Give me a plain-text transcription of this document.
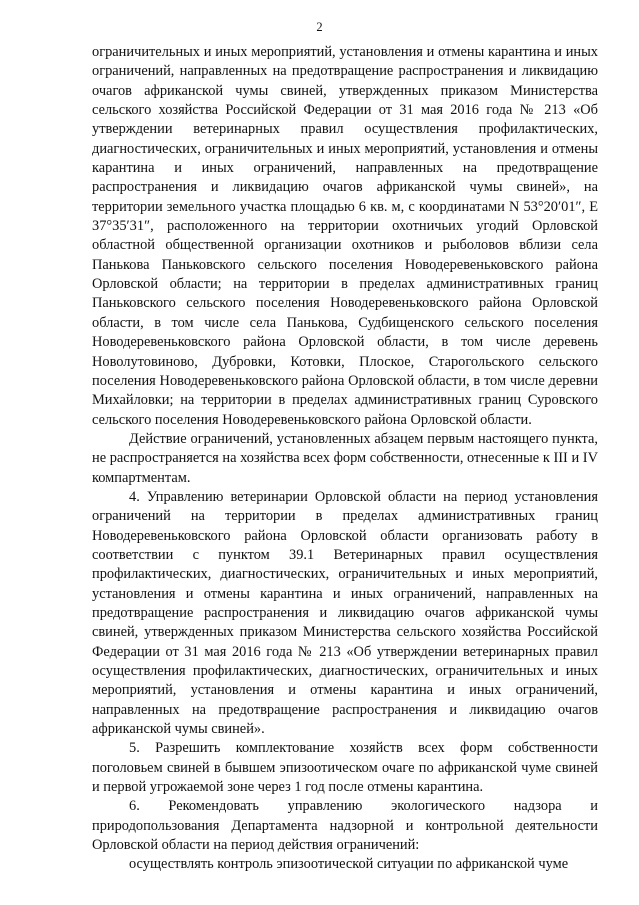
2

ограничительных и иных мероприятий, установления и отмены карантина и иных ограничений, направленных на предотвращение распространения и ликвидацию очагов африканской чумы свиней, утвержденных приказом Министерства сельского хозяйства Российской Федерации от 31 мая 2016 года № 213 «Об утверждении ветеринарных правил осуществления профилактических, диагностических, ограничительных и иных мероприятий, установления и отмены карантина и иных ограничений, направленных на предотвращение распространения и ликвидацию очагов африканской чумы свиней», на территории земельного участка площадью 6 кв. м, с координатами N 53°20′01″, E 37°35′31″, расположенного на территории охотничьих угодий Орловской областной общественной организации охотников и рыболовов вблизи села Панькова Паньковского сельского поселения Новодеревеньковского района Орловской области; на территории в пределах административных границ Паньковского сельского поселения Новодеревеньковского района Орловской области, в том числе села Панькова, Судбищенского сельского поселения Новодеревеньковского района Орловской области, в том числе деревень Новолутовиново, Дубровки, Котовки, Плоское, Старогольского сельского поселения Новодеревеньковского района Орловской области, в том числе деревни Михайловки; на территории в пределах административных границ Суровского сельского поселения Новодеревеньковского района Орловской области.

Действие ограничений, установленных абзацем первым настоящего пункта, не распространяется на хозяйства всех форм собственности, отнесенные к III и IV компартментам.

4. Управлению ветеринарии Орловской области на период установления ограничений на территории в пределах административных границ Новодеревеньковского района Орловской области организовать работу в соответствии с пунктом 39.1 Ветеринарных правил осуществления профилактических, диагностических, ограничительных и иных мероприятий, установления и отмены карантина и иных ограничений, направленных на предотвращение распространения и ликвидацию очагов африканской чумы свиней, утвержденных приказом Министерства сельского хозяйства Российской Федерации от 31 мая 2016 года № 213 «Об утверждении ветеринарных правил осуществления профилактических, диагностических, ограничительных и иных мероприятий, установления и отмены карантина и иных ограничений, направленных на предотвращение распространения и ликвидацию очагов африканской чумы свиней».

5. Разрешить комплектование хозяйств всех форм собственности поголовьем свиней в бывшем эпизоотическом очаге по африканской чуме свиней и первой угрожаемой зоне через 1 год после отмены карантина.

6. Рекомендовать управлению экологического надзора и природопользования Департамента надзорной и контрольной деятельности Орловской области на период действия ограничений:

осуществлять контроль эпизоотической ситуации по африканской чуме
